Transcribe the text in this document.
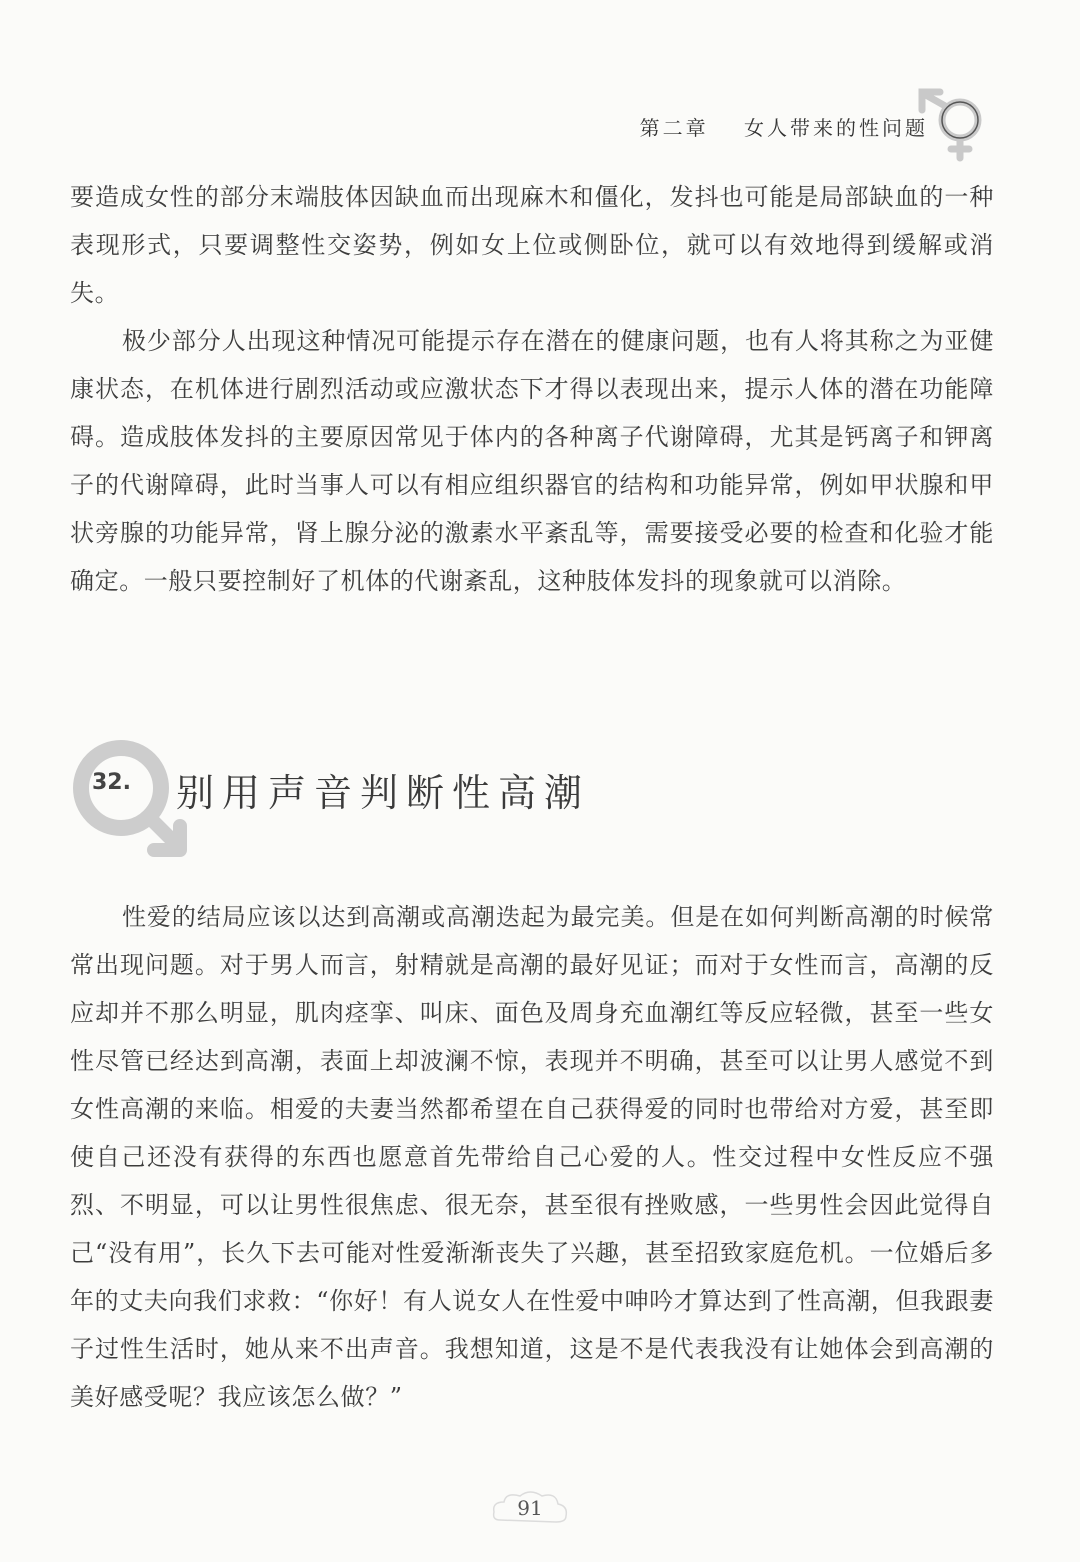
第二章 女人带来的性问题

要造成女性的部分末端肢体因缺血而出现麻木和僵化，发抖也可能是局部缺血的一种表现形式，只要调整性交姿势，例如女上位或侧卧位，就可以有效地得到缓解或消失。

极少部分人出现这种情况可能提示存在潜在的健康问题，也有人将其称之为亚健康状态，在机体进行剧烈活动或应激状态下才得以表现出来，提示人体的潜在功能障碍。造成肢体发抖的主要原因常见于体内的各种离子代谢障碍，尤其是钙离子和钾离子的代谢障碍，此时当事人可以有相应组织器官的结构和功能异常，例如甲状腺和甲状旁腺的功能异常，肾上腺分泌的激素水平紊乱等，需要接受必要的检查和化验才能确定。一般只要控制好了机体的代谢紊乱，这种肢体发抖的现象就可以消除。

32. 别用声音判断性高潮

性爱的结局应该以达到高潮或高潮迭起为最完美。但是在如何判断高潮的时候常常出现问题。对于男人而言，射精就是高潮的最好见证；而对于女性而言，高潮的反应却并不那么明显，肌肉痉挛、叫床、面色及周身充血潮红等反应轻微，甚至一些女性尽管已经达到高潮，表面上却波澜不惊，表现并不明确，甚至可以让男人感觉不到女性高潮的来临。相爱的夫妻当然都希望在自己获得爱的同时也带给对方爱，甚至即使自己还没有获得的东西也愿意首先带给自己心爱的人。性交过程中女性反应不强烈、不明显，可以让男性很焦虑、很无奈，甚至很有挫败感，一些男性会因此觉得自己“没有用”，长久下去可能对性爱渐渐丧失了兴趣，甚至招致家庭危机。一位婚后多年的丈夫向我们求救：“你好！有人说女人在性爱中呻吟才算达到了性高潮，但我跟妻子过性生活时，她从来不出声音。我想知道，这是不是代表我没有让她体会到高潮的美好感受呢？我应该怎么做？”

91
